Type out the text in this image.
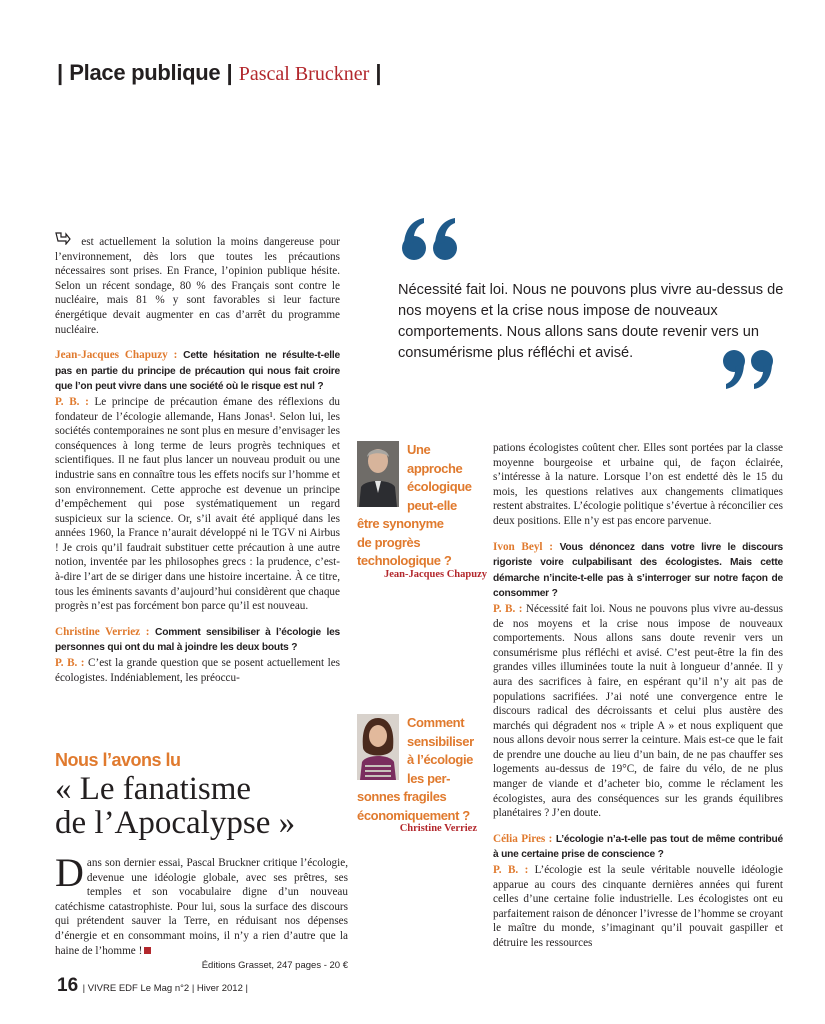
| Place publique | Pascal Bruckner |

est actuellement la solution la moins dangereuse pour l’environnement, dès lors que toutes les précautions nécessaires sont prises. En France, l’opinion publique hésite. Selon un récent sondage, 80 % des Français sont contre le nucléaire, mais 81 % y sont favorables si leur facture énergétique devait augmenter en cas d’arrêt du programme nucléaire.

Jean-Jacques Chapuzy : Cette hésitation ne résulte-t-elle pas en partie du principe de précaution qui nous fait croire que l’on peut vivre dans une société où le risque est nul ?

P. B. : Le principe de précaution émane des réflexions du fondateur de l’écologie allemande, Hans Jonas¹. Selon lui, les sociétés contemporaines ne sont plus en mesure d’envisager les conséquences à long terme de leurs progrès techniques et scientifiques. Il ne faut plus lancer un nouveau produit ou une industrie sans en connaître tous les effets nocifs sur l’homme et son environnement. Cette approche est devenue un principe d’empêchement qui pose systématiquement un regard suspicieux sur la science. Or, s’il avait été appliqué dans les années 1960, la France n’aurait développé ni le TGV ni Airbus ! Je crois qu’il faudrait substituer cette précaution à une autre notion, inventée par les philosophes grecs : la prudence, c’est-à-dire l’art de se diriger dans une histoire incertaine. À ce titre, tous les éminents savants d’aujourd’hui considèrent que chaque progrès n’est pas forcément bon parce qu’il est nouveau.

Christine Verriez : Comment sensibiliser à l’écologie les personnes qui ont du mal à joindre les deux bouts ?

P. B. : C’est la grande question que se posent actuellement les écologistes. Indéniablement, les préoccu-

Nécessité fait loi. Nous ne pouvons plus vivre au-dessus de nos moyens et la crise nous impose de nouveaux comportements. Nous allons sans doute revenir vers un consumérisme plus réfléchi et avisé.
Une
approche
écologique
peut-elle
être synonyme
de progrès
technologique ?
Jean-Jacques Chapuzy
Comment
sensibiliser
à l’écologie
les per-
sonnes fragiles
économiquement ?
Christine Verriez

pations écologistes coûtent cher. Elles sont portées par la classe moyenne bourgeoise et urbaine qui, de façon éclairée, s’intéresse à la nature. Lorsque l’on est endetté dès le 15 du mois, les questions relatives aux changements climatiques restent abstraites. L’écologie politique s’évertue à réconcilier ces deux positions. Elle n’y est pas encore parvenue.

Ivon Beyl : Vous dénoncez dans votre livre le discours rigoriste voire culpabilisant des écologistes. Mais cette démarche n’incite-t-elle pas à s’interroger sur notre façon de consommer ?

P. B. : Nécessité fait loi. Nous ne pouvons plus vivre au-dessus de nos moyens et la crise nous impose de nouveaux comportements. Nous allons sans doute revenir vers un consumérisme plus réfléchi et avisé. C’est peut-être la fin des grandes villes illuminées toute la nuit à longueur d’année. Il y aura des sacrifices à faire, en espérant qu’il n’y ait pas de populations sacrifiées. J’ai noté une convergence entre le discours radical des décroissants et celui plus austère des marchés qui dégradent nos « triple A » et nous expliquent que nous allons devoir nous serrer la ceinture. Mais est-ce que le fait de prendre une douche au lieu d’un bain, de ne pas chauffer ses logements au-dessus de 19°C, de faire du vélo, de ne plus manger de viande et d’acheter bio, comme le réclament les écologistes, aura des conséquences sur les grands équilibres planétaires ? J’en doute.

Célia Pires : L’écologie n’a-t-elle pas tout de même contribué à une certaine prise de conscience ?

P. B. : L’écologie est la seule véritable nouvelle idéologie apparue au cours des cinquante dernières années qui furent celles d’une certaine folie industrielle. Les écologistes ont eu parfaitement raison de dénoncer l’ivresse de l’homme se croyant le maître du monde, s’imaginant qu’il pouvait gaspiller et détruire les ressources

Nous l’avons lu
« Le fanatisme
de l’Apocalypse »
Dans son dernier essai, Pascal Bruckner critique l’écologie, devenue une idéologie globale, avec ses prêtres, ses temples et son vocabulaire digne d’un nouveau catéchisme catastrophiste. Pour lui, sous la surface des discours qui prétendent sauver la Terre, en réduisant nos dépenses d’énergie et en consommant moins, il n’y a rien d’autre que la haine de l’homme !
Éditions Grasset, 247 pages - 20 €
16 | VIVRE EDF Le Mag n°2 | Hiver 2012 |
